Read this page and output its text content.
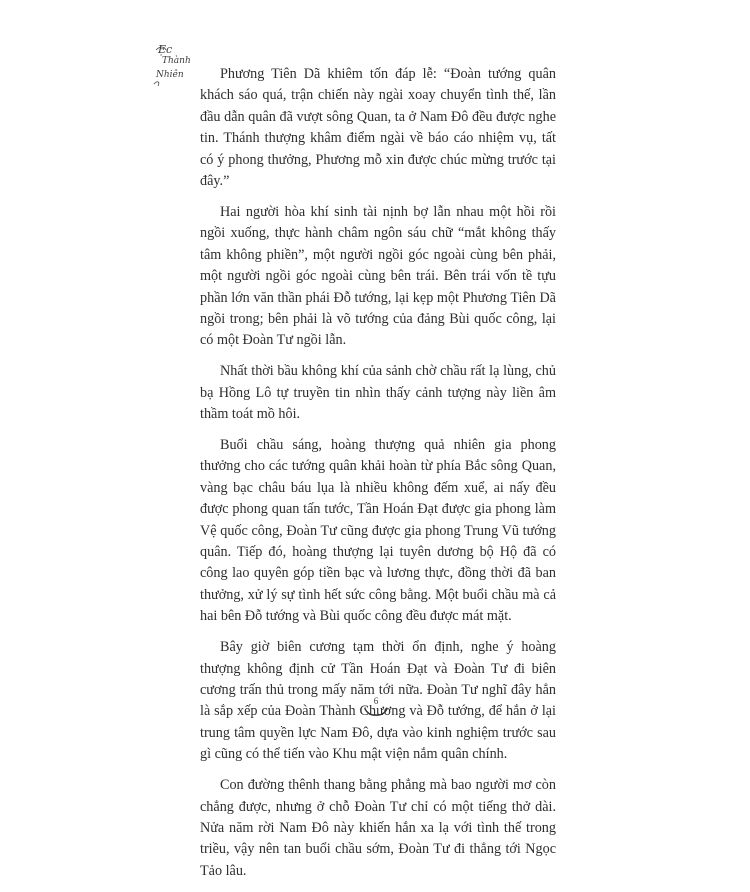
Ẹc
Thành
Nhiên	Phương Tiên Dã khiêm tốn đáp lễ: “Đoàn tướng quân khách sáo quá, trận chiến này ngài xoay chuyển tình thế, lần đầu dẫn quân đã vượt sông Quan, ta ở Nam Đô đều được nghe tin. Thánh thượng khâm điểm ngài về báo cáo nhiệm vụ, tất có ý phong thưởng, Phương mỗ xin được chúc mừng trước tại đây.”

Hai người hòa khí sinh tài nịnh bợ lẫn nhau một hồi rồi ngồi xuống, thực hành châm ngôn sáu chữ “mắt không thấy tâm không phiền”, một người ngồi góc ngoài cùng bên phải, một người ngồi góc ngoài cùng bên trái. Bên trái vốn tề tựu phần lớn văn thần phái Đỗ tướng, lại kẹp một Phương Tiên Dã ngồi trong; bên phải là võ tướng của đảng Bùi quốc công, lại có một Đoàn Tư ngồi lẫn.

Nhất thời bầu không khí của sảnh chờ chầu rất lạ lùng, chủ bạ Hồng Lô tự truyền tin nhìn thấy cảnh tượng này liền âm thầm toát mồ hôi.

Buổi chầu sáng, hoàng thượng quả nhiên gia phong thưởng cho các tướng quân khải hoàn từ phía Bắc sông Quan, vàng bạc châu báu lụa là nhiều không đếm xuể, ai nấy đều được phong quan tấn tước, Tần Hoán Đạt được gia phong làm Vệ quốc công, Đoàn Tư cũng được gia phong Trung Vũ tướng quân. Tiếp đó, hoàng thượng lại tuyên dương bộ Hộ đã có công lao quyên góp tiền bạc và lương thực, đồng thời đã ban thưởng, xử lý sự tình hết sức công bằng. Một buổi chầu mà cả hai bên Đỗ tướng và Bùi quốc công đều được mát mặt.

Bây giờ biên cương tạm thời ổn định, nghe ý hoàng thượng không định cử Tần Hoán Đạt và Đoàn Tư đi biên cương trấn thủ trong mấy năm tới nữa. Đoàn Tư nghĩ đây hẳn là sắp xếp của Đoàn Thành Chương và Đỗ tướng, để hắn ở lại trung tâm quyền lực Nam Đô, dựa vào kinh nghiệm trước sau gì cũng có thể tiến vào Khu mật viện nắm quân chính.

Con đường thênh thang bằng phẳng mà bao người mơ còn chẳng được, nhưng ở chỗ Đoàn Tư chỉ có một tiếng thở dài. Nửa năm rời Nam Đô này khiến hắn xa lạ với tình thế trong triều, vậy nên tan buổi chầu sớm, Đoàn Tư đi thẳng tới Ngọc Tảo lâu.

6
